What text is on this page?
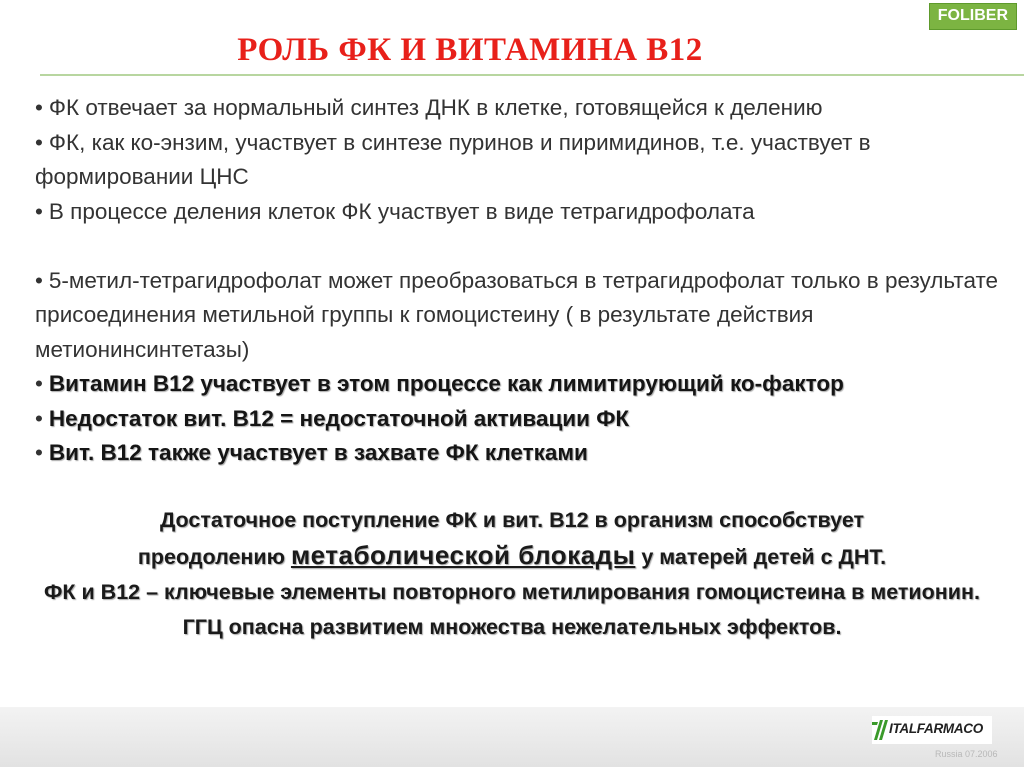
FOLIBER
РОЛЬ ФК И ВИТАМИНА В12
• ФК отвечает за нормальный синтез ДНК в клетке, готовящейся к делению
• ФК, как ко-энзим, участвует в синтезе пуринов и пиримидинов, т.е. участвует в формировании ЦНС
• В процессе деления клеток ФК участвует в виде тетрагидрофолата
• 5-метил-тетрагидрофолат может преобразоваться в тетрагидрофолат только в результате присоединения метильной группы к гомоцистеину ( в результате действия метионинсинтетазы)
• Витамин В12 участвует в этом процессе как лимитирующий ко-фактор
• Недостаток вит. В12 = недостаточной активации ФК
• Вит. В12 также участвует в захвате ФК клетками

Достаточное поступление ФК и вит. В12 в организм способствует

преодолению метаболической блокады у матерей детей с ДНТ.

ФК и В12 – ключевые элементы повторного метилирования гомоцистеина в метионин.

ГГЦ опасна развитием множества нежелательных эффектов.

ITALFARMACO
Russia 07.2006
